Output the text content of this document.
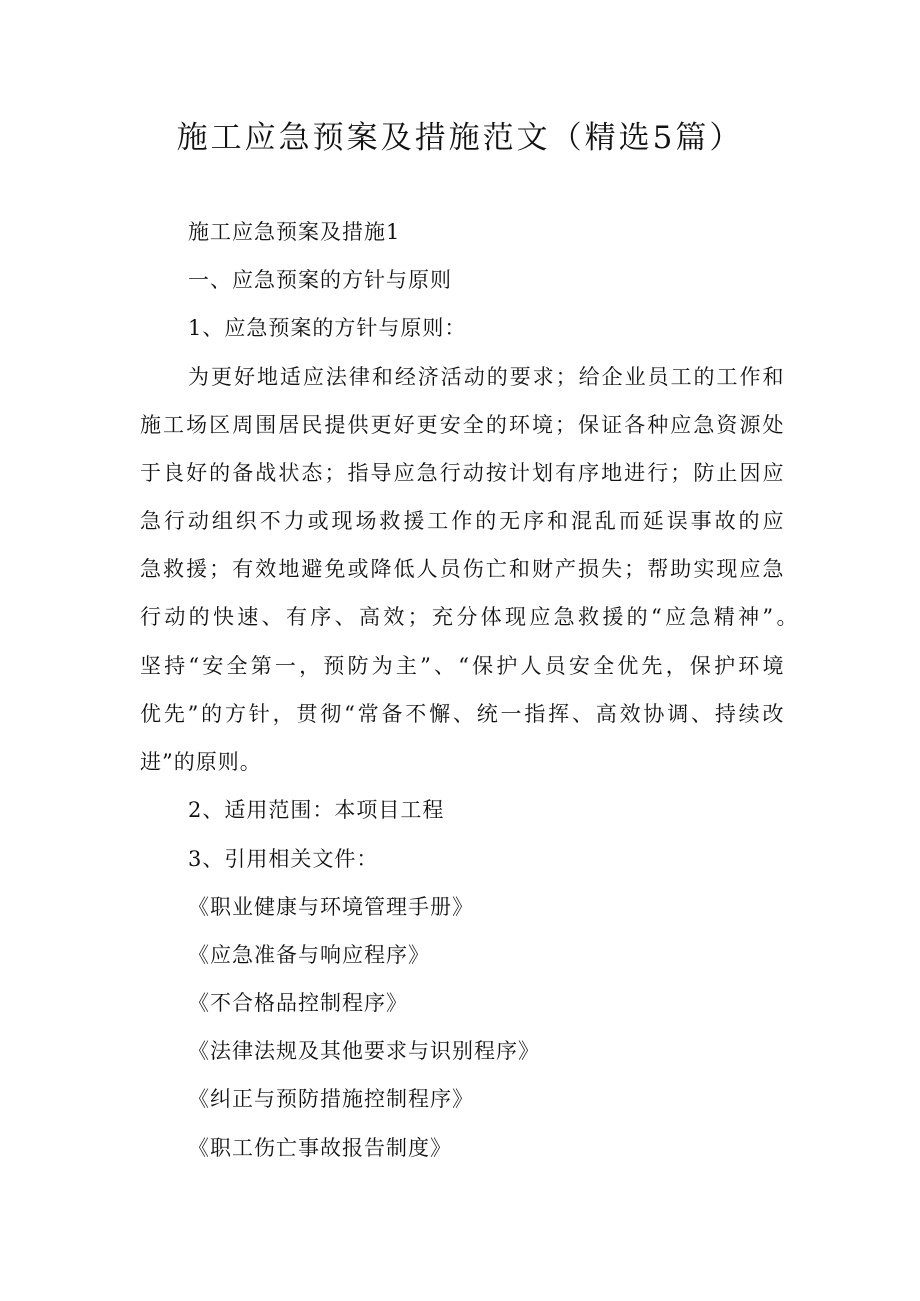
施工应急预案及措施范文（精选5篇）

施工应急预案及措施1

一、应急预案的方针与原则

1、应急预案的方针与原则：

为更好地适应法律和经济活动的要求；给企业员工的工作和

施工场区周围居民提供更好更安全的环境；保证各种应急资源处

于良好的备战状态；指导应急行动按计划有序地进行；防止因应

急行动组织不力或现场救援工作的无序和混乱而延误事故的应

急救援；有效地避免或降低人员伤亡和财产损失；帮助实现应急

行动的快速、有序、高效；充分体现应急救援的“应急精神”。

坚持“安全第一，预防为主”、“保护人员安全优先，保护环境

优先”的方针，贯彻“常备不懈、统一指挥、高效协调、持续改

进”的原则。

2、适用范围：本项目工程

3、引用相关文件：

《职业健康与环境管理手册》

《应急准备与响应程序》

《不合格品控制程序》

《法律法规及其他要求与识别程序》

《纠正与预防措施控制程序》

《职工伤亡事故报告制度》
